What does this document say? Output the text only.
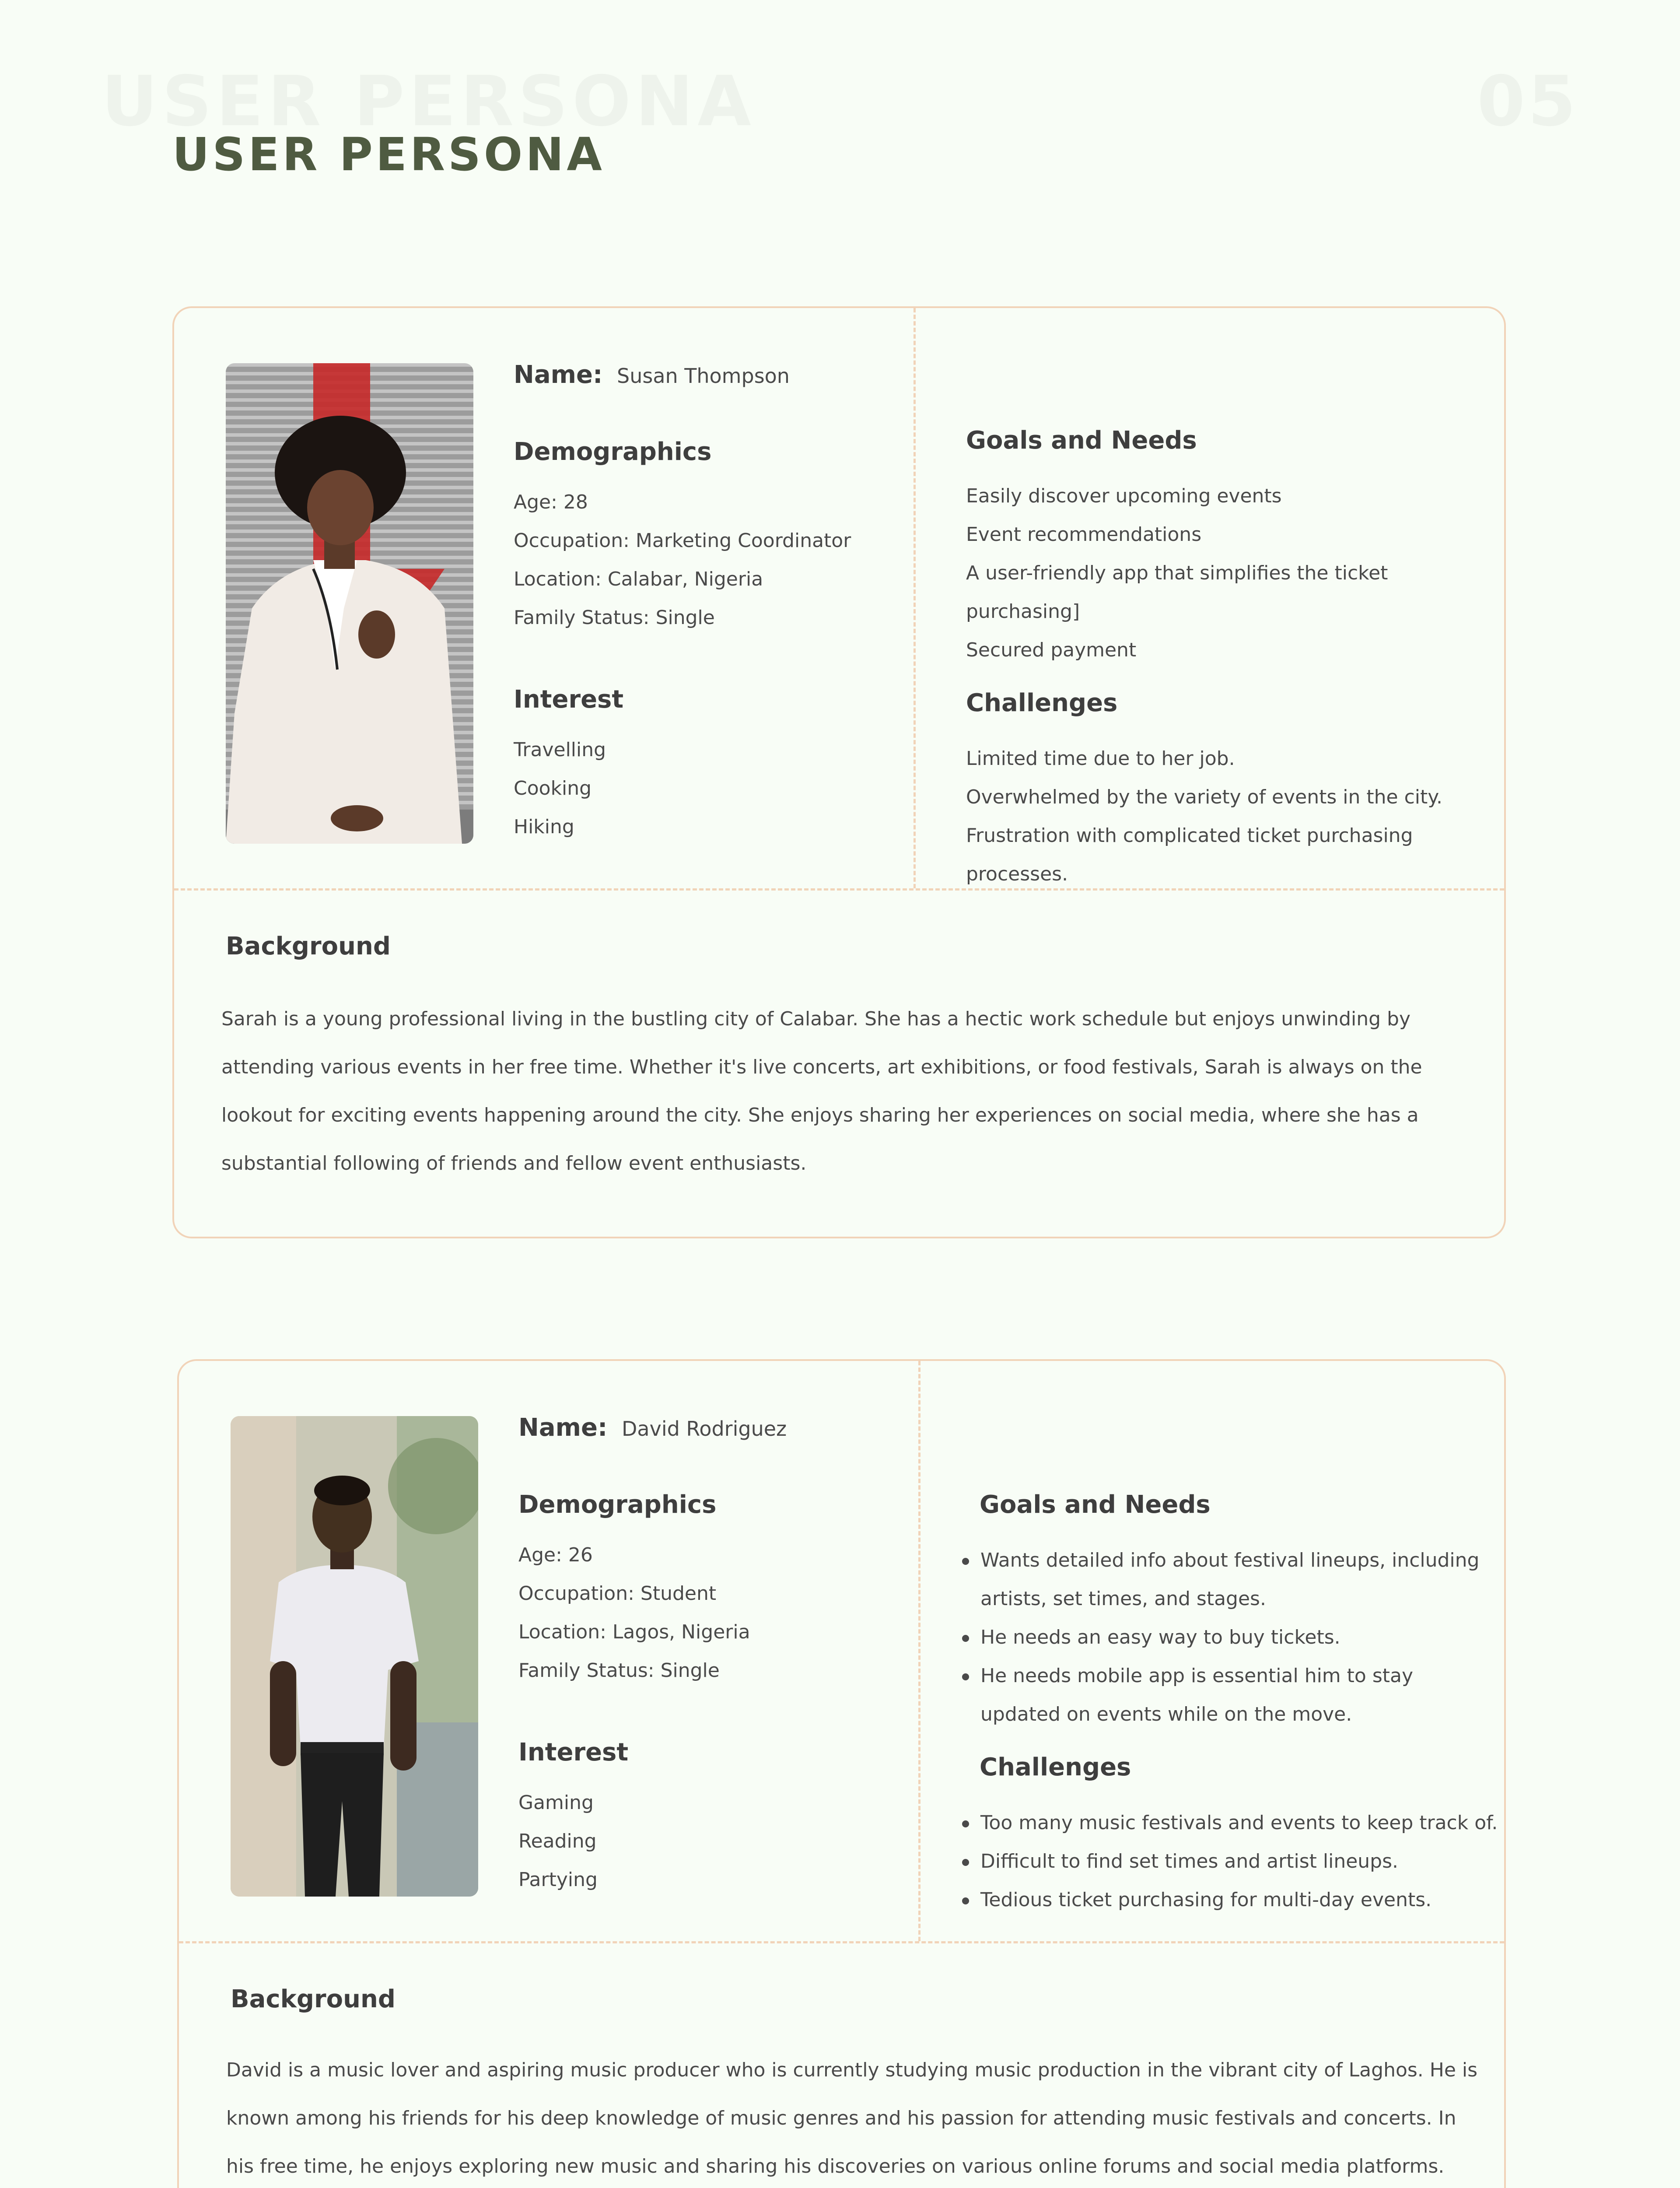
USER PERSONA	05
USER PERSONA
Name: Susan Thompson
Demographics
Age: 28
Occupation: Marketing Coordinator
Location: Calabar, Nigeria
Family Status: Single
Interest
Travelling
Cooking
Hiking
Goals and Needs
Easily discover upcoming events
Event recommendations
A user-friendly app that simplifies the ticket purchasing]
Secured payment
Challenges
Limited time due to her job.
Overwhelmed by the variety of events in the city.
Frustration with complicated ticket purchasing processes.
Background
Sarah is a young professional living in the bustling city of Calabar. She has a hectic work schedule but enjoys unwinding by attending various events in her free time. Whether it's live concerts, art exhibitions, or food festivals, Sarah is always on the lookout for exciting events happening around the city. She enjoys sharing her experiences on social media, where she has a substantial following of friends and fellow event enthusiasts.
Name: David Rodriguez
Demographics
Age: 26
Occupation: Student
Location: Lagos, Nigeria
Family Status: Single
Interest
Gaming
Reading
Partying
Goals and Needs
Wants detailed info about festival lineups, including artists, set times, and stages.
He needs an easy way to buy tickets.
He needs mobile app is essential him to stay updated on events while on the move.
Challenges
Too many music festivals and events to keep track of.
Difficult to find set times and artist lineups.
Tedious ticket purchasing for multi-day events.
Background
David is a music lover and aspiring music producer who is currently studying music production in the vibrant city of Laghos. He is known among his friends for his deep knowledge of music genres and his passion for attending music festivals and concerts. In his free time, he enjoys exploring new music and sharing his discoveries on various online forums and social media platforms.
